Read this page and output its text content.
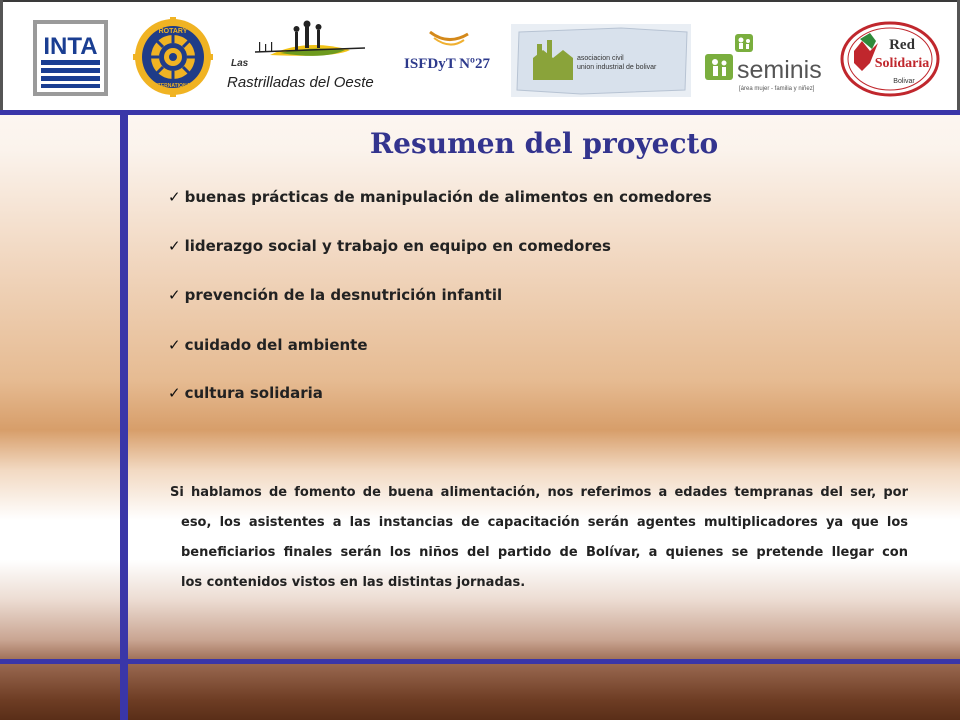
INTA
ROTARY
INTERNATIONAL
Las
Rastrilladas del Oeste
ISFDyT Nº27	asociacion civil
union industrial de bolivar	seminis
[área mujer - familia y niñez]
Red
Solidaria
Bolivar
Resumen del proyecto
✓ buenas prácticas de manipulación de alimentos en comedores
✓ liderazgo social y trabajo en equipo en comedores
✓ prevención de la desnutrición infantil
✓ cuidado del ambiente
✓ cultura solidaria
Si hablamos de fomento de buena alimentación, nos referimos a edades tempranas del ser, por
eso, los asistentes a las instancias de capacitación serán agentes multiplicadores ya que los
beneficiarios finales serán los niños del partido de Bolívar, a quienes se pretende llegar con
los contenidos vistos en las distintas jornadas.
